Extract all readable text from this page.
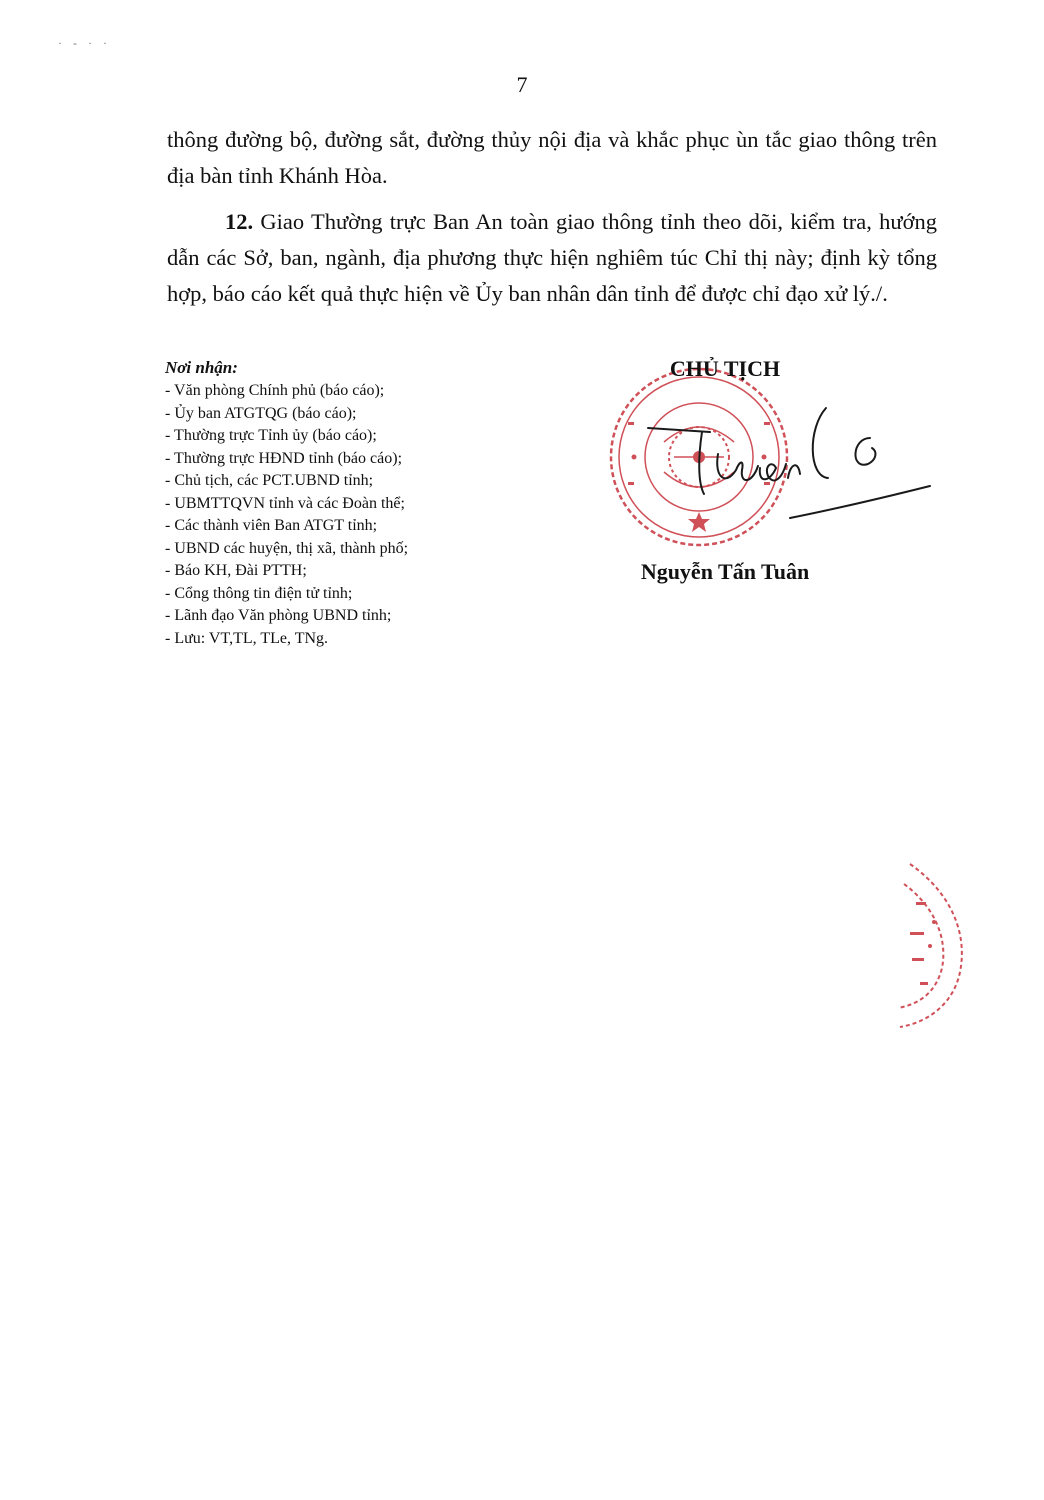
· - · ·
7

thông đường bộ, đường sắt, đường thủy nội địa và khắc phục ùn tắc giao thông trên địa bàn tỉnh Khánh Hòa.

12. Giao Thường trực Ban An toàn giao thông tỉnh theo dõi, kiểm tra, hướng dẫn các Sở, ban, ngành, địa phương thực hiện nghiêm túc Chỉ thị này; định kỳ tổng hợp, báo cáo kết quả thực hiện về Ủy ban nhân dân tỉnh để được chỉ đạo xử lý./.

Nơi nhận:
- Văn phòng Chính phủ (báo cáo);
- Ủy ban ATGTQG (báo cáo);
- Thường trực Tỉnh ủy (báo cáo);
- Thường trực HĐND tỉnh (báo cáo);
- Chủ tịch, các PCT.UBND tỉnh;
- UBMTTQVN tỉnh và các Đoàn thể;
- Các thành viên Ban ATGT tỉnh;
- UBND các huyện, thị xã, thành phố;
- Báo KH, Đài PTTH;
- Cổng thông tin điện tử tỉnh;
- Lãnh đạo Văn phòng UBND tỉnh;
- Lưu: VT,TL, TLe, TNg.
CHỦ TỊCH
Nguyễn Tấn Tuân
